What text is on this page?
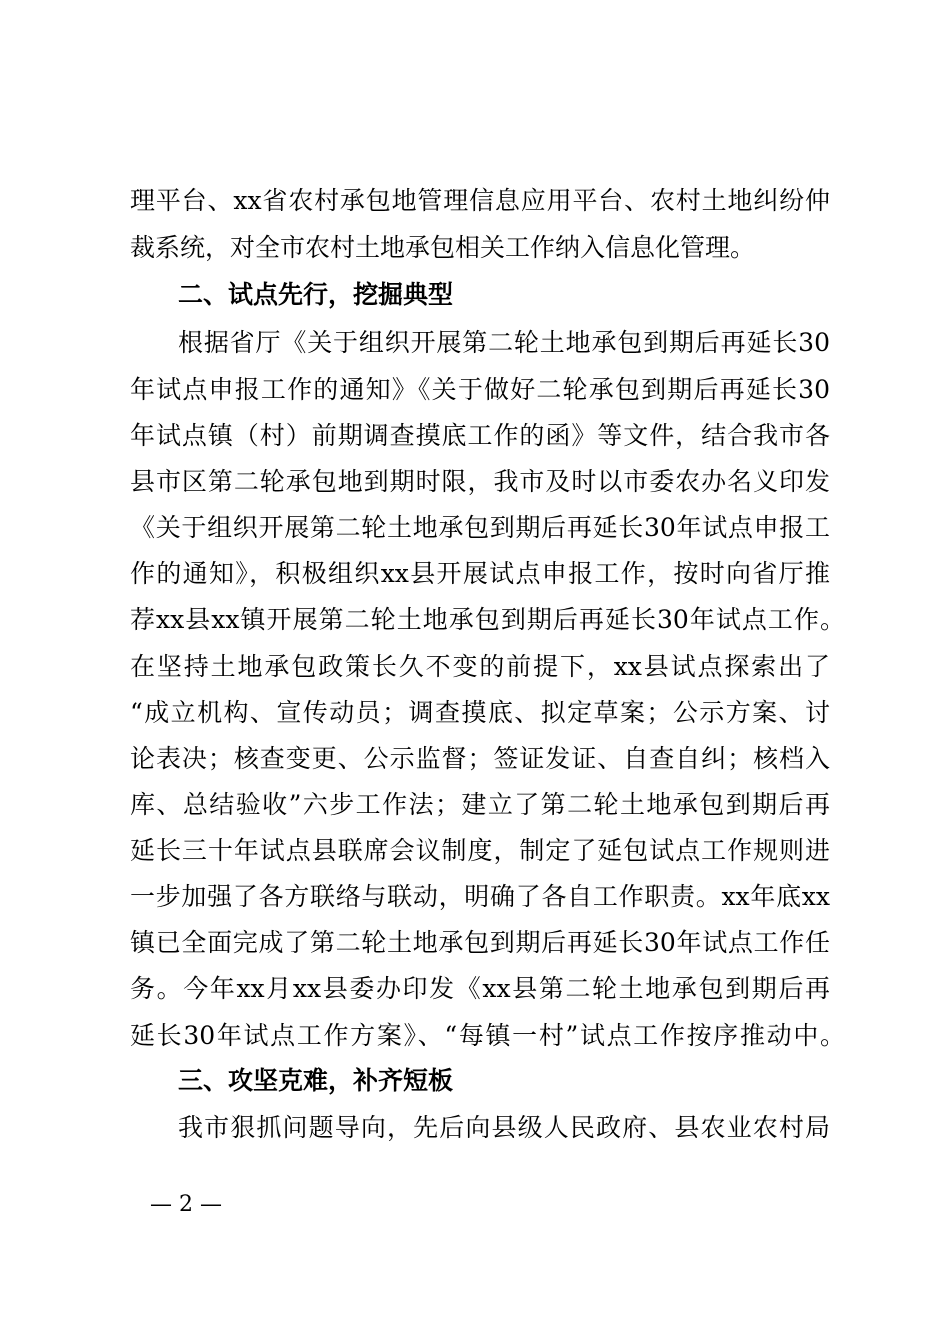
理平台、xx省农村承包地管理信息应用平台、农村土地纠纷仲
裁系统，对全市农村土地承包相关工作纳入信息化管理。
二、试点先行，挖掘典型
根据省厅《关于组织开展第二轮土地承包到期后再延长30
年试点申报工作的通知》《关于做好二轮承包到期后再延长30
年试点镇（村）前期调查摸底工作的函》等文件，结合我市各
县市区第二轮承包地到期时限，我市及时以市委农办名义印发
《关于组织开展第二轮土地承包到期后再延长30年试点申报工
作的通知》，积极组织xx县开展试点申报工作，按时向省厅推
荐xx县xx镇开展第二轮土地承包到期后再延长30年试点工作。
在坚持土地承包政策长久不变的前提下，xx县试点探索出了
“成立机构、宣传动员；调查摸底、拟定草案；公示方案、讨
论表决；核查变更、公示监督；签证发证、自查自纠；核档入
库、总结验收”六步工作法；建立了第二轮土地承包到期后再
延长三十年试点县联席会议制度，制定了延包试点工作规则进
一步加强了各方联络与联动，明确了各自工作职责。xx年底xx
镇已全面完成了第二轮土地承包到期后再延长30年试点工作任
务。今年xx月xx县委办印发《xx县第二轮土地承包到期后再
延长30年试点工作方案》、“每镇一村”试点工作按序推动中。
三、攻坚克难，补齐短板
我市狠抓问题导向，先后向县级人民政府、县农业农村局
— 2 —
